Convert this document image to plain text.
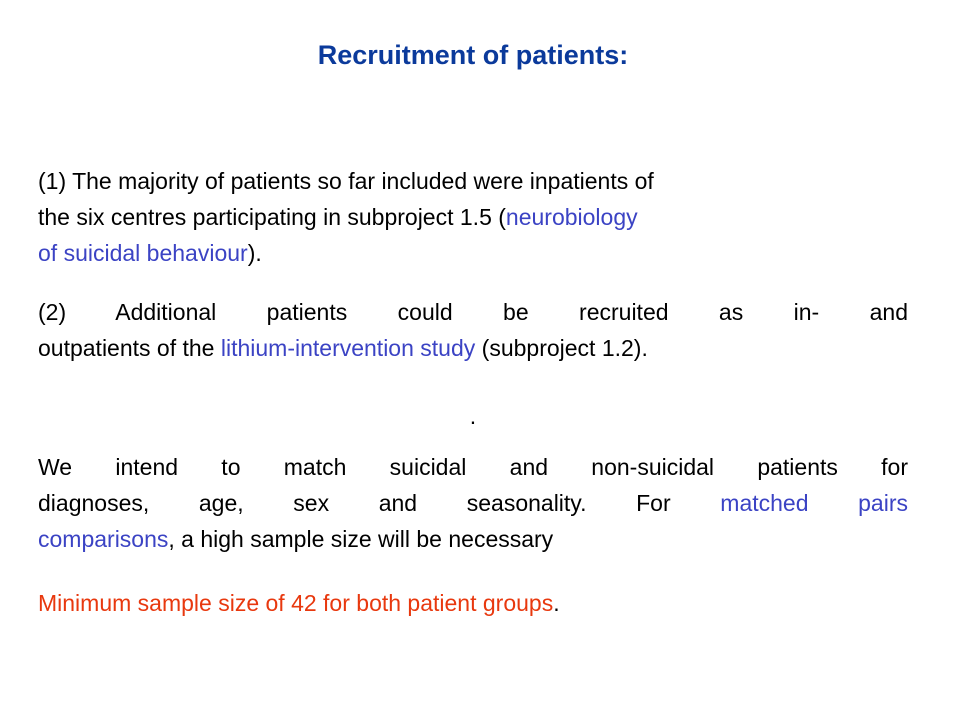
Recruitment of patients:
(1) The majority of patients so far included were inpatients of
the six centres participating in subproject 1.5 (neurobiology
of suicidal behaviour).
(2) Additional patients could be recruited as in- and
outpatients of the lithium-intervention study (subproject 1.2).
.
We intend to match suicidal and non-suicidal patients for
diagnoses, age, sex and seasonality. For matched pairs
comparisons, a high sample size will be necessary
Minimum sample size of 42 for both patient groups.
